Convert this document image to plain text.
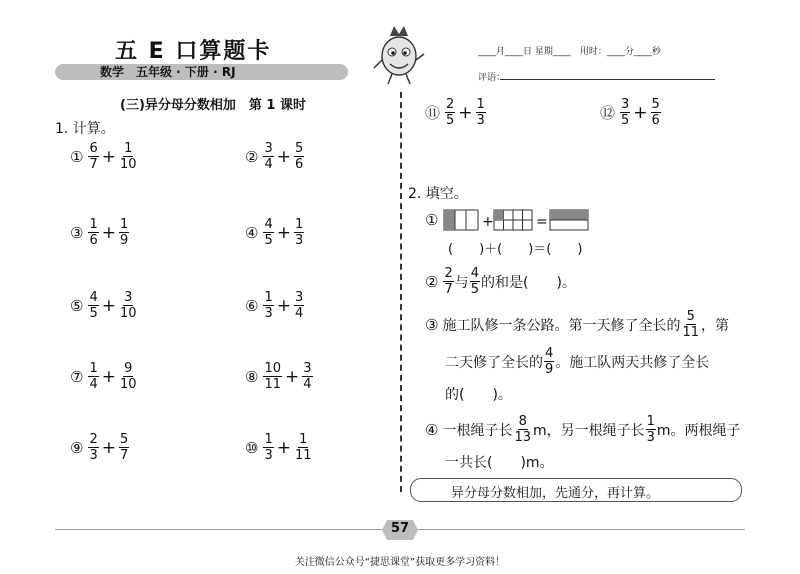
五 E 口算题卡
数学　五年级 · 下册 · RJ
____月____日 星期____　用时：____分____秒
评语：
(三)异分母分数相加　第 1 课时
1. 计算。
① $\frac{6}{7} + \frac{1}{10}$	② $\frac{3}{4} + \frac{5}{6}$
③ $\frac{1}{6} + \frac{1}{9}$	④ $\frac{4}{5} + \frac{1}{3}$
⑤ $\frac{4}{5} + \frac{3}{10}$	⑥ $\frac{1}{3} + \frac{3}{4}$
⑦ $\frac{1}{4} + \frac{9}{10}$	⑧ $\frac{10}{11} + \frac{3}{4}$
⑨ $\frac{2}{3} + \frac{5}{7}$	⑩ $\frac{1}{3} + \frac{1}{11}$
⑪ $\frac{2}{5} + \frac{1}{3}$	⑫ $\frac{3}{5} + \frac{5}{6}$
2. 填空。
①	+	=
(　　)＋(　　)＝(　　)
② $\frac{2}{7}$ 与 $\frac{4}{5}$ 的和是(　　)。
③ 施工队修一条公路。第一天修了全长的 $\frac{5}{11}$ ，第
二天修了全长的 $\frac{4}{9}$ 。施工队两天共修了全长
的(　　)。
④ 一根绳子长 $\frac{8}{13}$ m，另一根绳子长 $\frac{1}{3}$ m。两根绳子
一共长(　　)m。
异分母分数相加，先通分，再计算。
57
关注微信公众号“捷思课堂”获取更多学习资料！
